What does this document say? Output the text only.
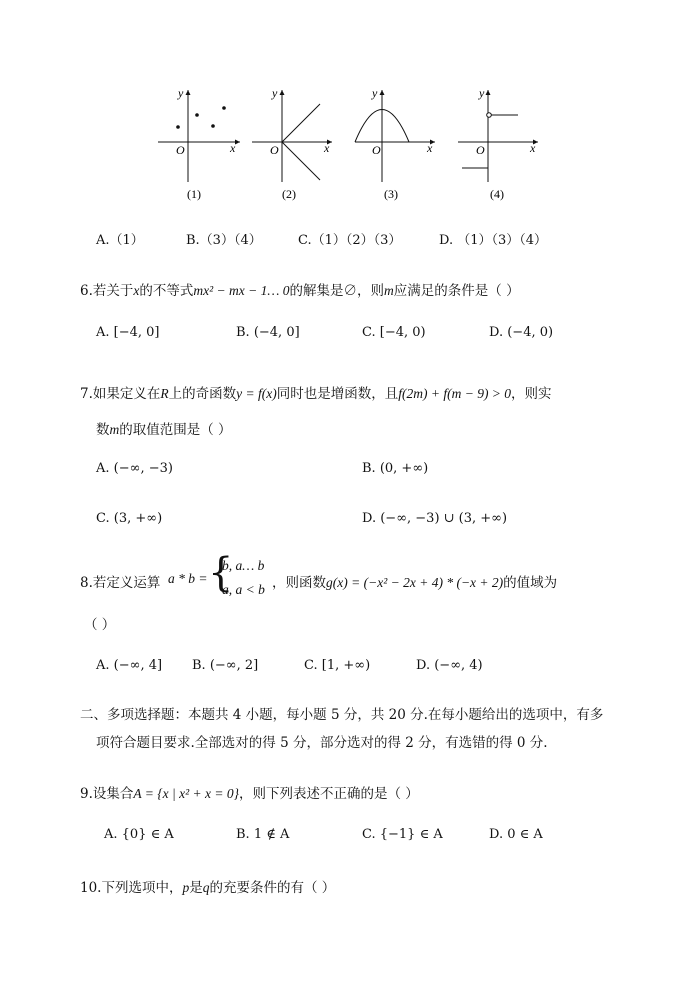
y
x
O
(1)
y
x
O
(2)
y
x
O
(3)
y
x
O
(4)
A.（1）	B.（3）（4）	C.（1）（2）（3）	D. （1）（3）（4）
6.若关于x的不等式mx² − mx − 1… 0的解集是∅，则m应满足的条件是（ ）
A. [−4, 0]	B. (−4, 0]	C. [−4, 0)	D. (−4, 0)
7.如果定义在R上的奇函数y = f(x)同时也是增函数，且f(2m) + f(m − 9) > 0，则实
数m的取值范围是（ ）
A. (−∞, −3)	B. (0, +∞)
C. (3, +∞)	D. (−∞, −3) ∪ (3, +∞)
8.若定义运算 a * b = {
b, a… b
a, a < b ，则函数g(x) = (−x² − 2x + 4) * (−x + 2)的值域为
（ ）
A. (−∞, 4] B. (−∞, 2]	C. [1, +∞)	D. (−∞, 4)
二、多项选择题：本题共 4 小题，每小题 5 分，共 20 分.在每小题给出的选项中，有多
项符合题目要求.全部选对的得 5 分，部分选对的得 2 分，有选错的得 0 分.
9.设集合A = {x | x² + x = 0}，则下列表述不正确的是（ ）
A. {0} ∈ A	B. 1 ∉ A	C. {−1} ∈ A	D. 0 ∈ A
10.下列选项中，p是q的充要条件的有（ ）
